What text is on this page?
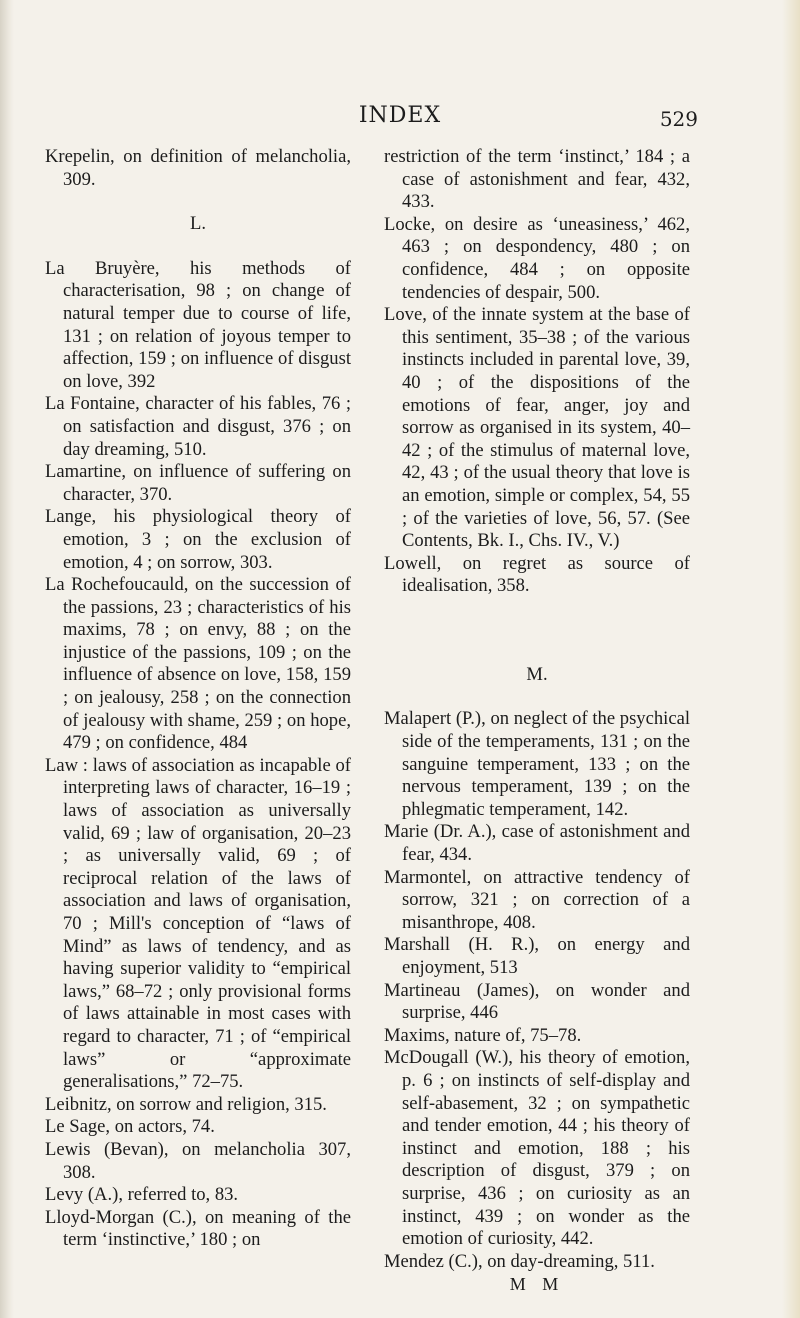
INDEX	529

Krepelin, on definition of melancholia, 309.

L.

La Bruyère, his methods of characterisation, 98 ; on change of natural temper due to course of life, 131 ; on relation of joyous temper to affection, 159 ; on influence of disgust on love, 392

La Fontaine, character of his fables, 76 ; on satisfaction and disgust, 376 ; on day dreaming, 510.

Lamartine, on influence of suffering on character, 370.

Lange, his physiological theory of emotion, 3 ; on the exclusion of emotion, 4 ; on sorrow, 303.

La Rochefoucauld, on the succession of the passions, 23 ; characteristics of his maxims, 78 ; on envy, 88 ; on the injustice of the passions, 109 ; on the influence of absence on love, 158, 159 ; on jealousy, 258 ; on the connection of jealousy with shame, 259 ; on hope, 479 ; on confidence, 484

Law : laws of association as incapable of interpreting laws of character, 16–19 ; laws of association as universally valid, 69 ; law of organisation, 20–23 ; as universally valid, 69 ; of reciprocal relation of the laws of association and laws of organisation, 70 ; Mill's conception of “laws of Mind” as laws of tendency, and as having superior validity to “empirical laws,” 68–72 ; only provisional forms of laws attainable in most cases with regard to character, 71 ; of “empirical laws” or “approximate generalisations,” 72–75.

Leibnitz, on sorrow and religion, 315.

Le Sage, on actors, 74.

Lewis (Bevan), on melancholia 307, 308.

Levy (A.), referred to, 83.

Lloyd-Morgan (C.), on meaning of the term ‘instinctive,’ 180 ; on

restriction of the term ‘instinct,’ 184 ; a case of astonishment and fear, 432, 433.

Locke, on desire as ‘uneasiness,’ 462, 463 ; on despondency, 480 ; on confidence, 484 ; on opposite tendencies of despair, 500.

Love, of the innate system at the base of this sentiment, 35–38 ; of the various instincts included in parental love, 39, 40 ; of the dispositions of the emotions of fear, anger, joy and sorrow as organised in its system, 40–42 ; of the stimulus of maternal love, 42, 43 ; of the usual theory that love is an emotion, simple or complex, 54, 55 ; of the varieties of love, 56, 57. (See Contents, Bk. I., Chs. IV., V.)

Lowell, on regret as source of idealisation, 358.

M.

Malapert (P.), on neglect of the psychical side of the temperaments, 131 ; on the sanguine temperament, 133 ; on the nervous temperament, 139 ; on the phlegmatic temperament, 142.

Marie (Dr. A.), case of astonishment and fear, 434.

Marmontel, on attractive tendency of sorrow, 321 ; on correction of a misanthrope, 408.

Marshall (H. R.), on energy and enjoyment, 513

Martineau (James), on wonder and surprise, 446

Maxims, nature of, 75–78.

McDougall (W.), his theory of emotion, p. 6 ; on instincts of self-display and self-abasement, 32 ; on sympathetic and tender emotion, 44 ; his theory of instinct and emotion, 188 ; his description of disgust, 379 ; on surprise, 436 ; on curiosity as an instinct, 439 ; on wonder as the emotion of curiosity, 442.

Mendez (C.), on day-dreaming, 511.

M M
